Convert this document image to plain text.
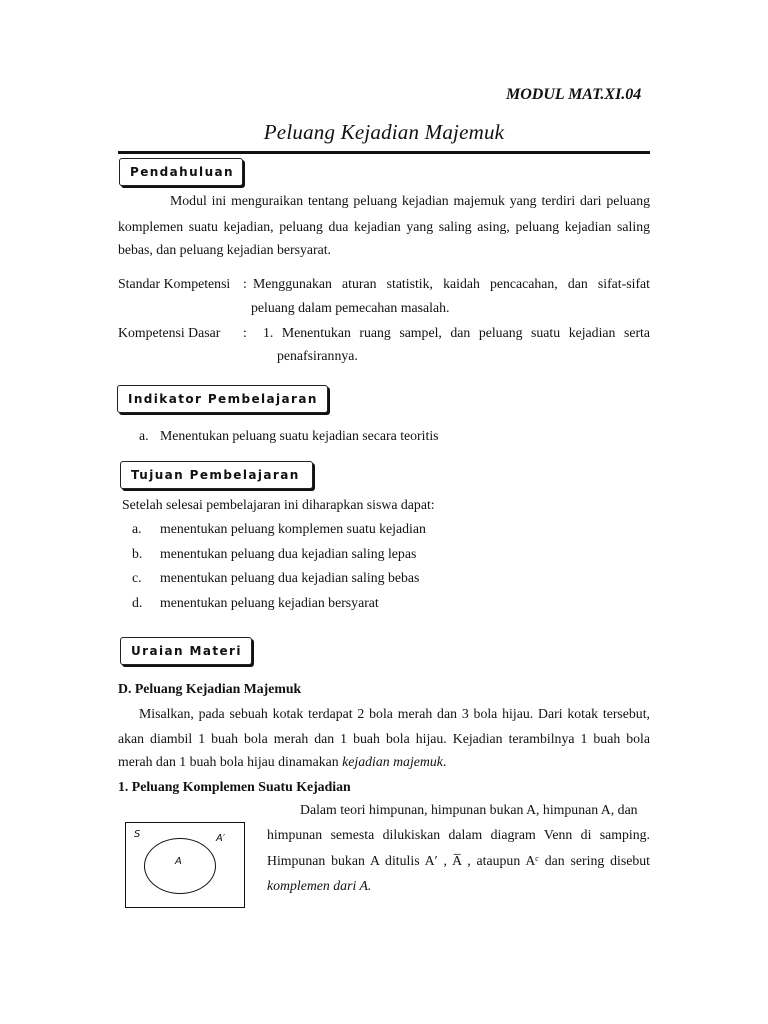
MODUL MAT.XI.04
Peluang Kejadian Majemuk
Pendahuluan
Modul ini menguraikan tentang peluang kejadian majemuk yang terdiri dari peluang
komplemen suatu kejadian, peluang dua kejadian yang saling asing, peluang kejadian saling
bebas, dan peluang kejadian bersyarat.
Standar Kompetensi : Menggunakan aturan statistik, kaidah pencacahan, dan sifat-sifat
peluang dalam pemecahan masalah.
Kompetensi Dasar : 1. Menentukan ruang sampel, dan peluang suatu kejadian serta
penafsirannya.
Indikator Pembelajaran
a. Menentukan peluang suatu kejadian secara teoritis
Tujuan Pembelajaran
Setelah selesai pembelajaran ini diharapkan siswa dapat:
a. menentukan peluang komplemen suatu kejadian
b. menentukan peluang dua kejadian saling lepas
c. menentukan peluang dua kejadian saling bebas
d. menentukan peluang kejadian bersyarat
Uraian Materi
D. Peluang Kejadian Majemuk
Misalkan, pada sebuah kotak terdapat 2 bola merah dan 3 bola hijau. Dari kotak tersebut,
akan diambil 1 buah bola merah dan 1 buah bola hijau. Kejadian terambilnya 1 buah bola
merah dan 1 buah bola hijau dinamakan kejadian majemuk.
1. Peluang Komplemen Suatu Kejadian
S	A′
A
Dalam teori himpunan, himpunan bukan A, himpunan A, dan
himpunan semesta dilukiskan dalam diagram Venn di samping.
Himpunan bukan A ditulis A′ , A̅ , ataupun Aᶜ dan sering disebut
komplemen dari A.
